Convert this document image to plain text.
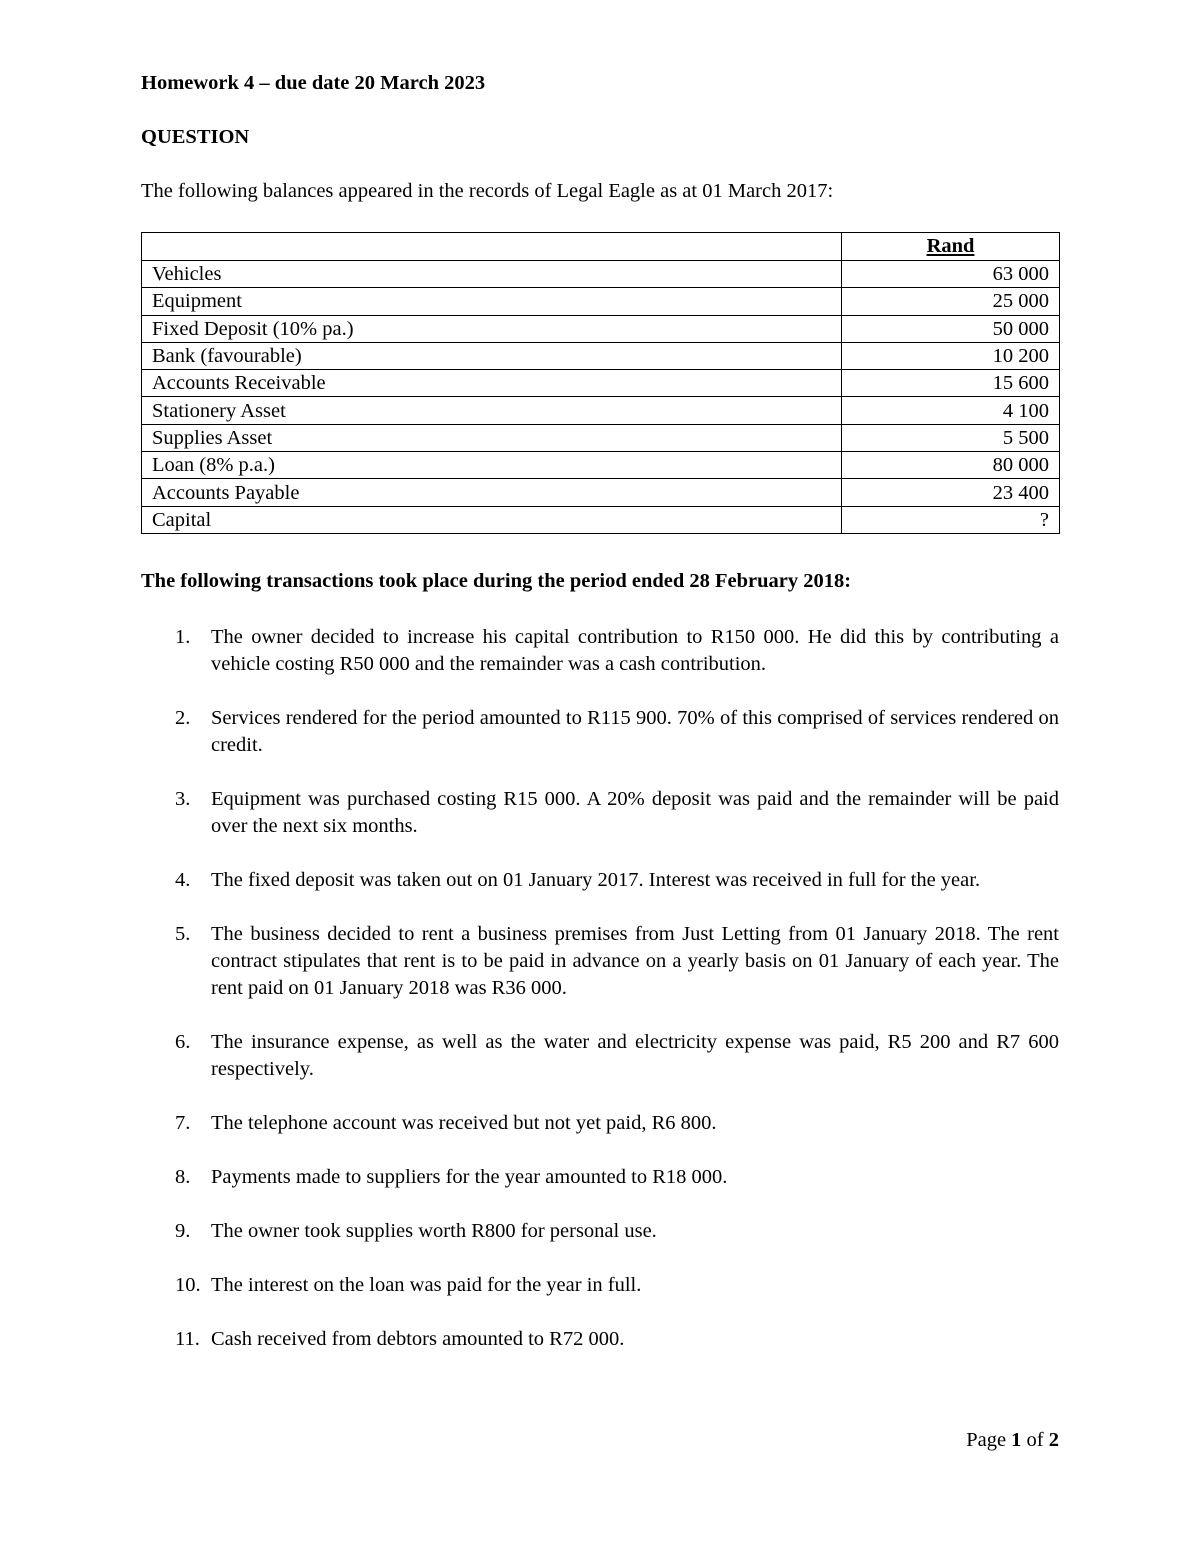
Homework 4 – due date 20 March 2023
QUESTION
The following balances appeared in the records of Legal Eagle as at 01 March 2017:
	Rand
Vehicles	63 000
Equipment	25 000
Fixed Deposit (10% pa.)	50 000
Bank (favourable)	10 200
Accounts Receivable	15 600
Stationery Asset	4 100
Supplies Asset	5 500
Loan (8% p.a.)	80 000
Accounts Payable	23 400
Capital	?
The following transactions took place during the period ended 28 February 2018:
1.	The owner decided to increase his capital contribution to R150 000. He did this by contributing a vehicle costing R50 000 and the remainder was a cash contribution.
2.	Services rendered for the period amounted to R115 900. 70% of this comprised of services rendered on credit.
3.	Equipment was purchased costing R15 000. A 20% deposit was paid and the remainder will be paid over the next six months.
4.	The fixed deposit was taken out on 01 January 2017. Interest was received in full for the year.
5.	The business decided to rent a business premises from Just Letting from 01 January 2018. The rent contract stipulates that rent is to be paid in advance on a yearly basis on 01 January of each year. The rent paid on 01 January 2018 was R36 000.
6.	The insurance expense, as well as the water and electricity expense was paid, R5 200 and R7 600 respectively.
7.	The telephone account was received but not yet paid, R6 800.
8.	Payments made to suppliers for the year amounted to R18 000.
9.	The owner took supplies worth R800 for personal use.
10. The interest on the loan was paid for the year in full.
11. Cash received from debtors amounted to R72 000.
Page 1 of 2
